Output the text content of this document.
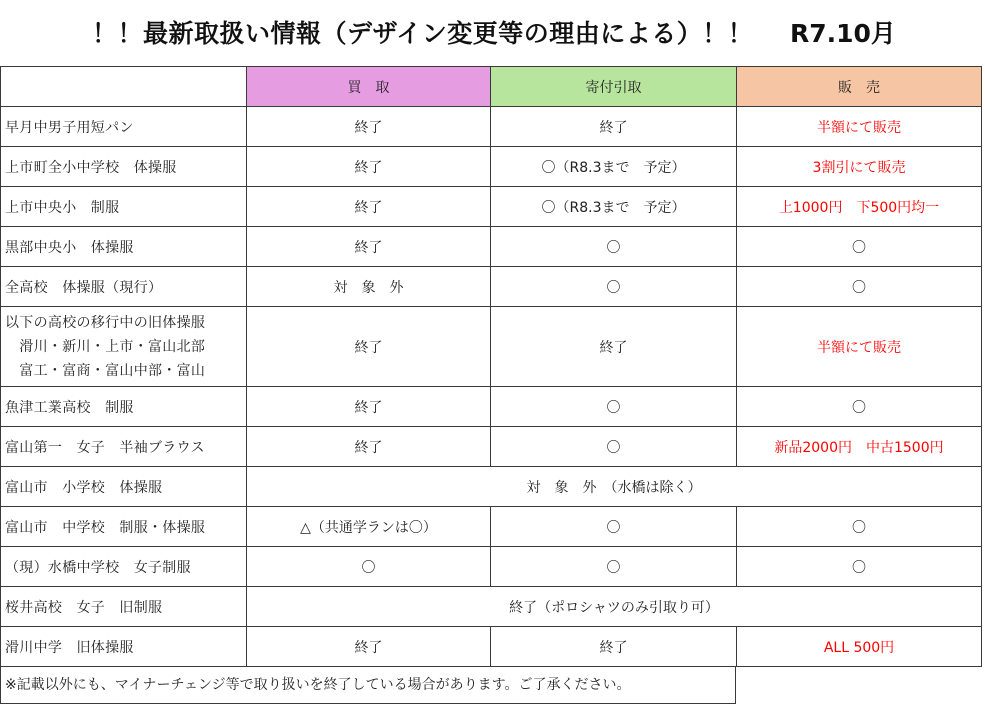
！！最新取扱い情報（デザイン変更等の理由による）！！ R7.10月
	買　取	寄付引取	販　売

早月中男子用短パン	終了	終了	半額にて販売

上市町全小中学校　体操服	終了	〇（R8.3まで　予定）	3割引にて販売

上市中央小　制服	終了	〇（R8.3まで　予定）	上1000円　下500円均一

黒部中央小　体操服	終了	〇	〇

全高校　体操服（現行）	対　象　外	〇	〇

以下の高校の移行中の旧体操服
　滑川・新川・上市・富山北部
　富工・富商・富山中部・富山	終了	終了	半額にて販売

魚津工業高校　制服	終了	〇	〇

富山第一　女子　半袖ブラウス	終了	〇	新品2000円　中古1500円

富山市　小学校　体操服	対　象　外　（水橋は除く）		

富山市　中学校　制服・体操服	△（共通学ランは〇）	〇	〇

（現）水橋中学校　女子制服	〇	〇	〇

桜井高校　女子　旧制服	終了（ポロシャツのみ引取り可）		

滑川中学　旧体操服	終了	終了	ALL 500円
※記載以外にも、マイナーチェンジ等で取り扱いを終了している場合があります。ご了承ください。
